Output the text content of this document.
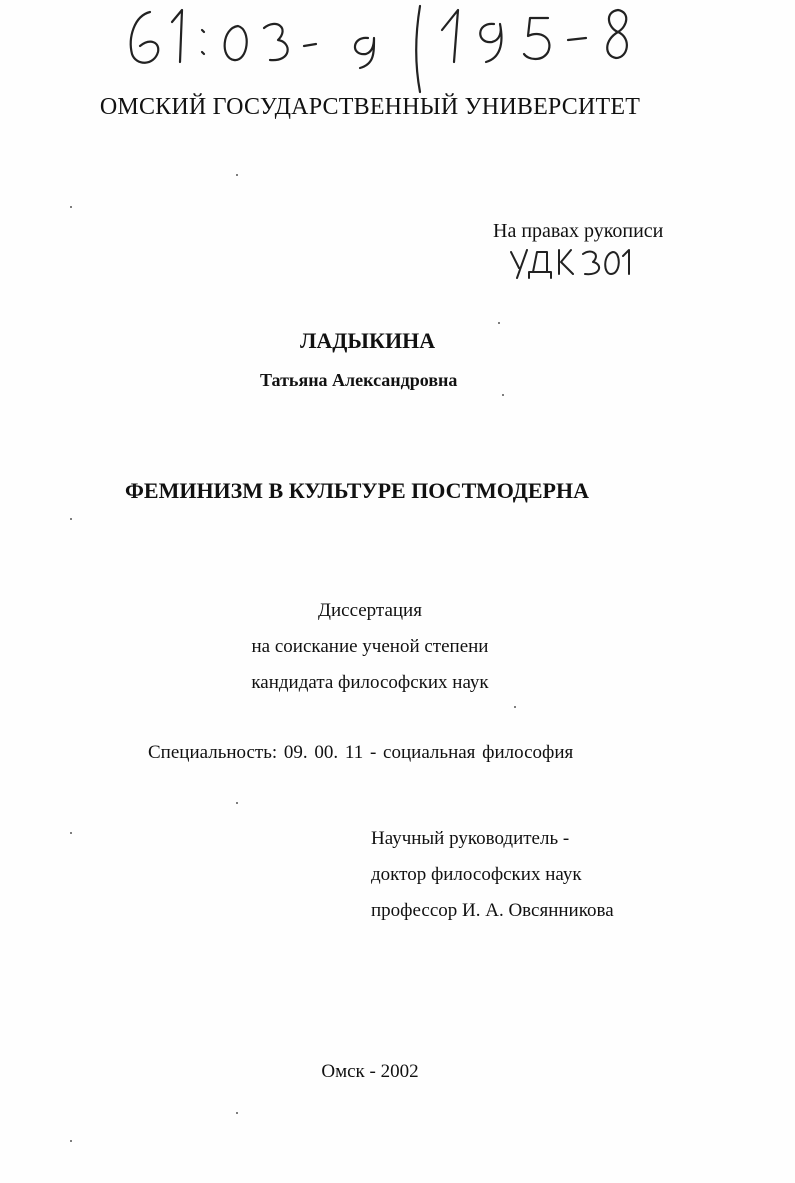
ОМСКИЙ ГОСУДАРСТВЕННЫЙ УНИВЕРСИТЕТ
На правах рукописи
ЛАДЫКИНА
Татьяна Александровна
ФЕМИНИЗМ В КУЛЬТУРЕ ПОСТМОДЕРНА
Диссертация
на соискание ученой степени
кандидата философских наук
Специальность: 09. 00. 11 - социальная философия
Научный руководитель -
доктор философских наук
профессор И. А. Овсянникова
Омск - 2002
